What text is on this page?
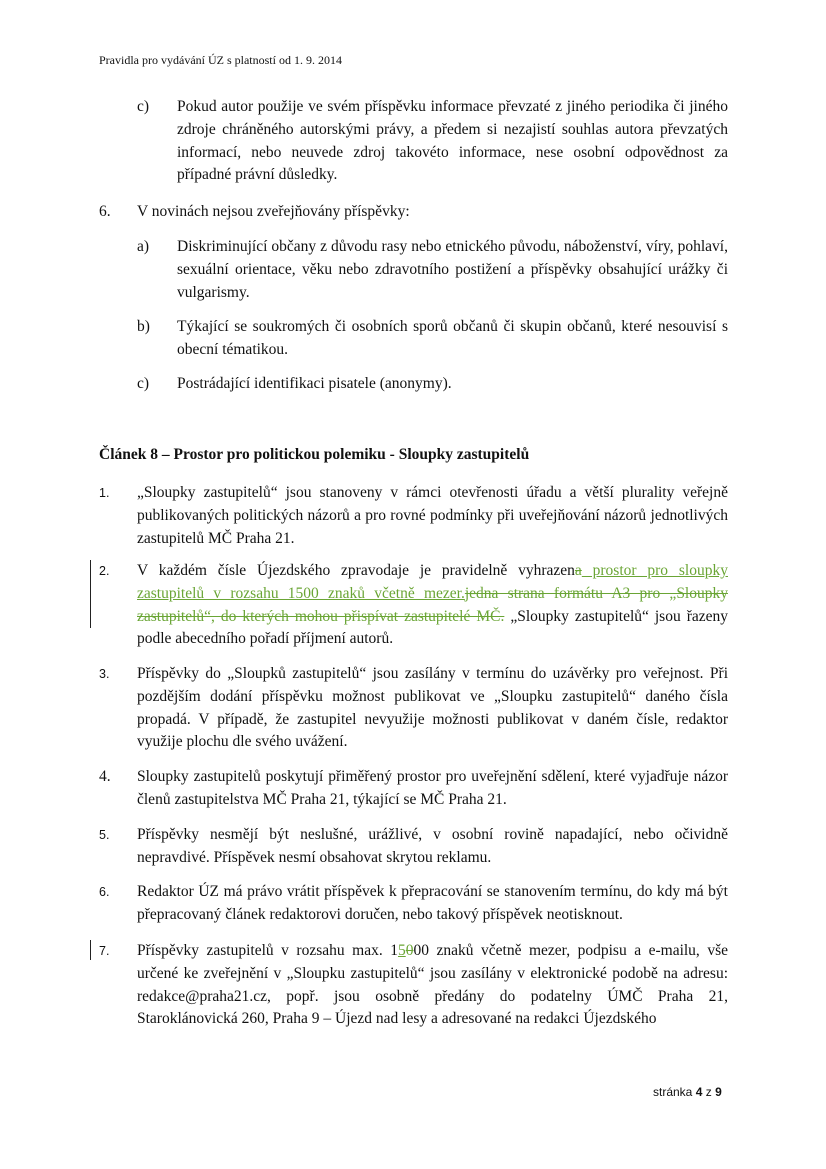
Pravidla pro vydávání ÚZ s platností od 1. 9. 2014
c) Pokud autor použije ve svém příspěvku informace převzaté z jiného periodika či jiného zdroje chráněného autorskými právy, a předem si nezajistí souhlas autora převzatých informací, nebo neuvede zdroj takovéto informace, nese osobní odpovědnost za případné právní důsledky.
6. V novinách nejsou zveřejňovány příspěvky:
a) Diskriminující občany z důvodu rasy nebo etnického původu, náboženství, víry, pohlaví, sexuální orientace, věku nebo zdravotního postižení a příspěvky obsahující urážky či vulgarismy.
b) Týkající se soukromých či osobních sporů občanů či skupin občanů, které nesouvisí s obecní tématikou.
c) Postrádající identifikaci pisatele (anonymy).
Článek 8 – Prostor pro politickou polemiku - Sloupky zastupitelů
1. „Sloupky zastupitelů“ jsou stanoveny v rámci otevřenosti úřadu a větší plurality veřejně publikovaných politických názorů a pro rovné podmínky při uveřejňování názorů jednotlivých zastupitelů MČ Praha 21.
2. V každém čísle Újezdského zpravodaje je pravidelně vyhrazena prostor pro sloupky zastupitelů v rozsahu 1500 znaků včetně mezer.jedna strana formátu A3 pro „Sloupky zastupitelů“, do kterých mohou přispívat zastupitelé MČ. „Sloupky zastupitelů“ jsou řazeny podle abecedního pořadí příjmení autorů.
3. Příspěvky do „Sloupků zastupitelů“ jsou zasílány v termínu do uzávěrky pro veřejnost. Při pozdějším dodání příspěvku možnost publikovat ve „Sloupku zastupitelů“ daného čísla propadá. V případě, že zastupitel nevyužije možnosti publikovat v daném čísle, redaktor využije plochu dle svého uvážení.
4. Sloupky zastupitelů poskytují přiměřený prostor pro uveřejnění sdělení, které vyjadřuje názor členů zastupitelstva MČ Praha 21, týkající se MČ Praha 21.
5. Příspěvky nesmějí být neslušné, urážlivé, v osobní rovině napadající, nebo očividně nepravdivé. Příspěvek nesmí obsahovat skrytou reklamu.
6. Redaktor ÚZ má právo vrátit příspěvek k přepracování se stanovením termínu, do kdy má být přepracovaný článek redaktorovi doručen, nebo takový příspěvek neotisknout.
7. Příspěvky zastupitelů v rozsahu max. 15000 znaků včetně mezer, podpisu a e-mailu, vše určené ke zveřejnění v „Sloupku zastupitelů“ jsou zasílány v elektronické podobě na adresu: redakce@praha21.cz, popř. jsou osobně předány do podatelny ÚMČ Praha 21, Staroklánovická 260, Praha 9 – Újezd nad lesy a adresované na redakci Újezdského
stránka 4 z 9
